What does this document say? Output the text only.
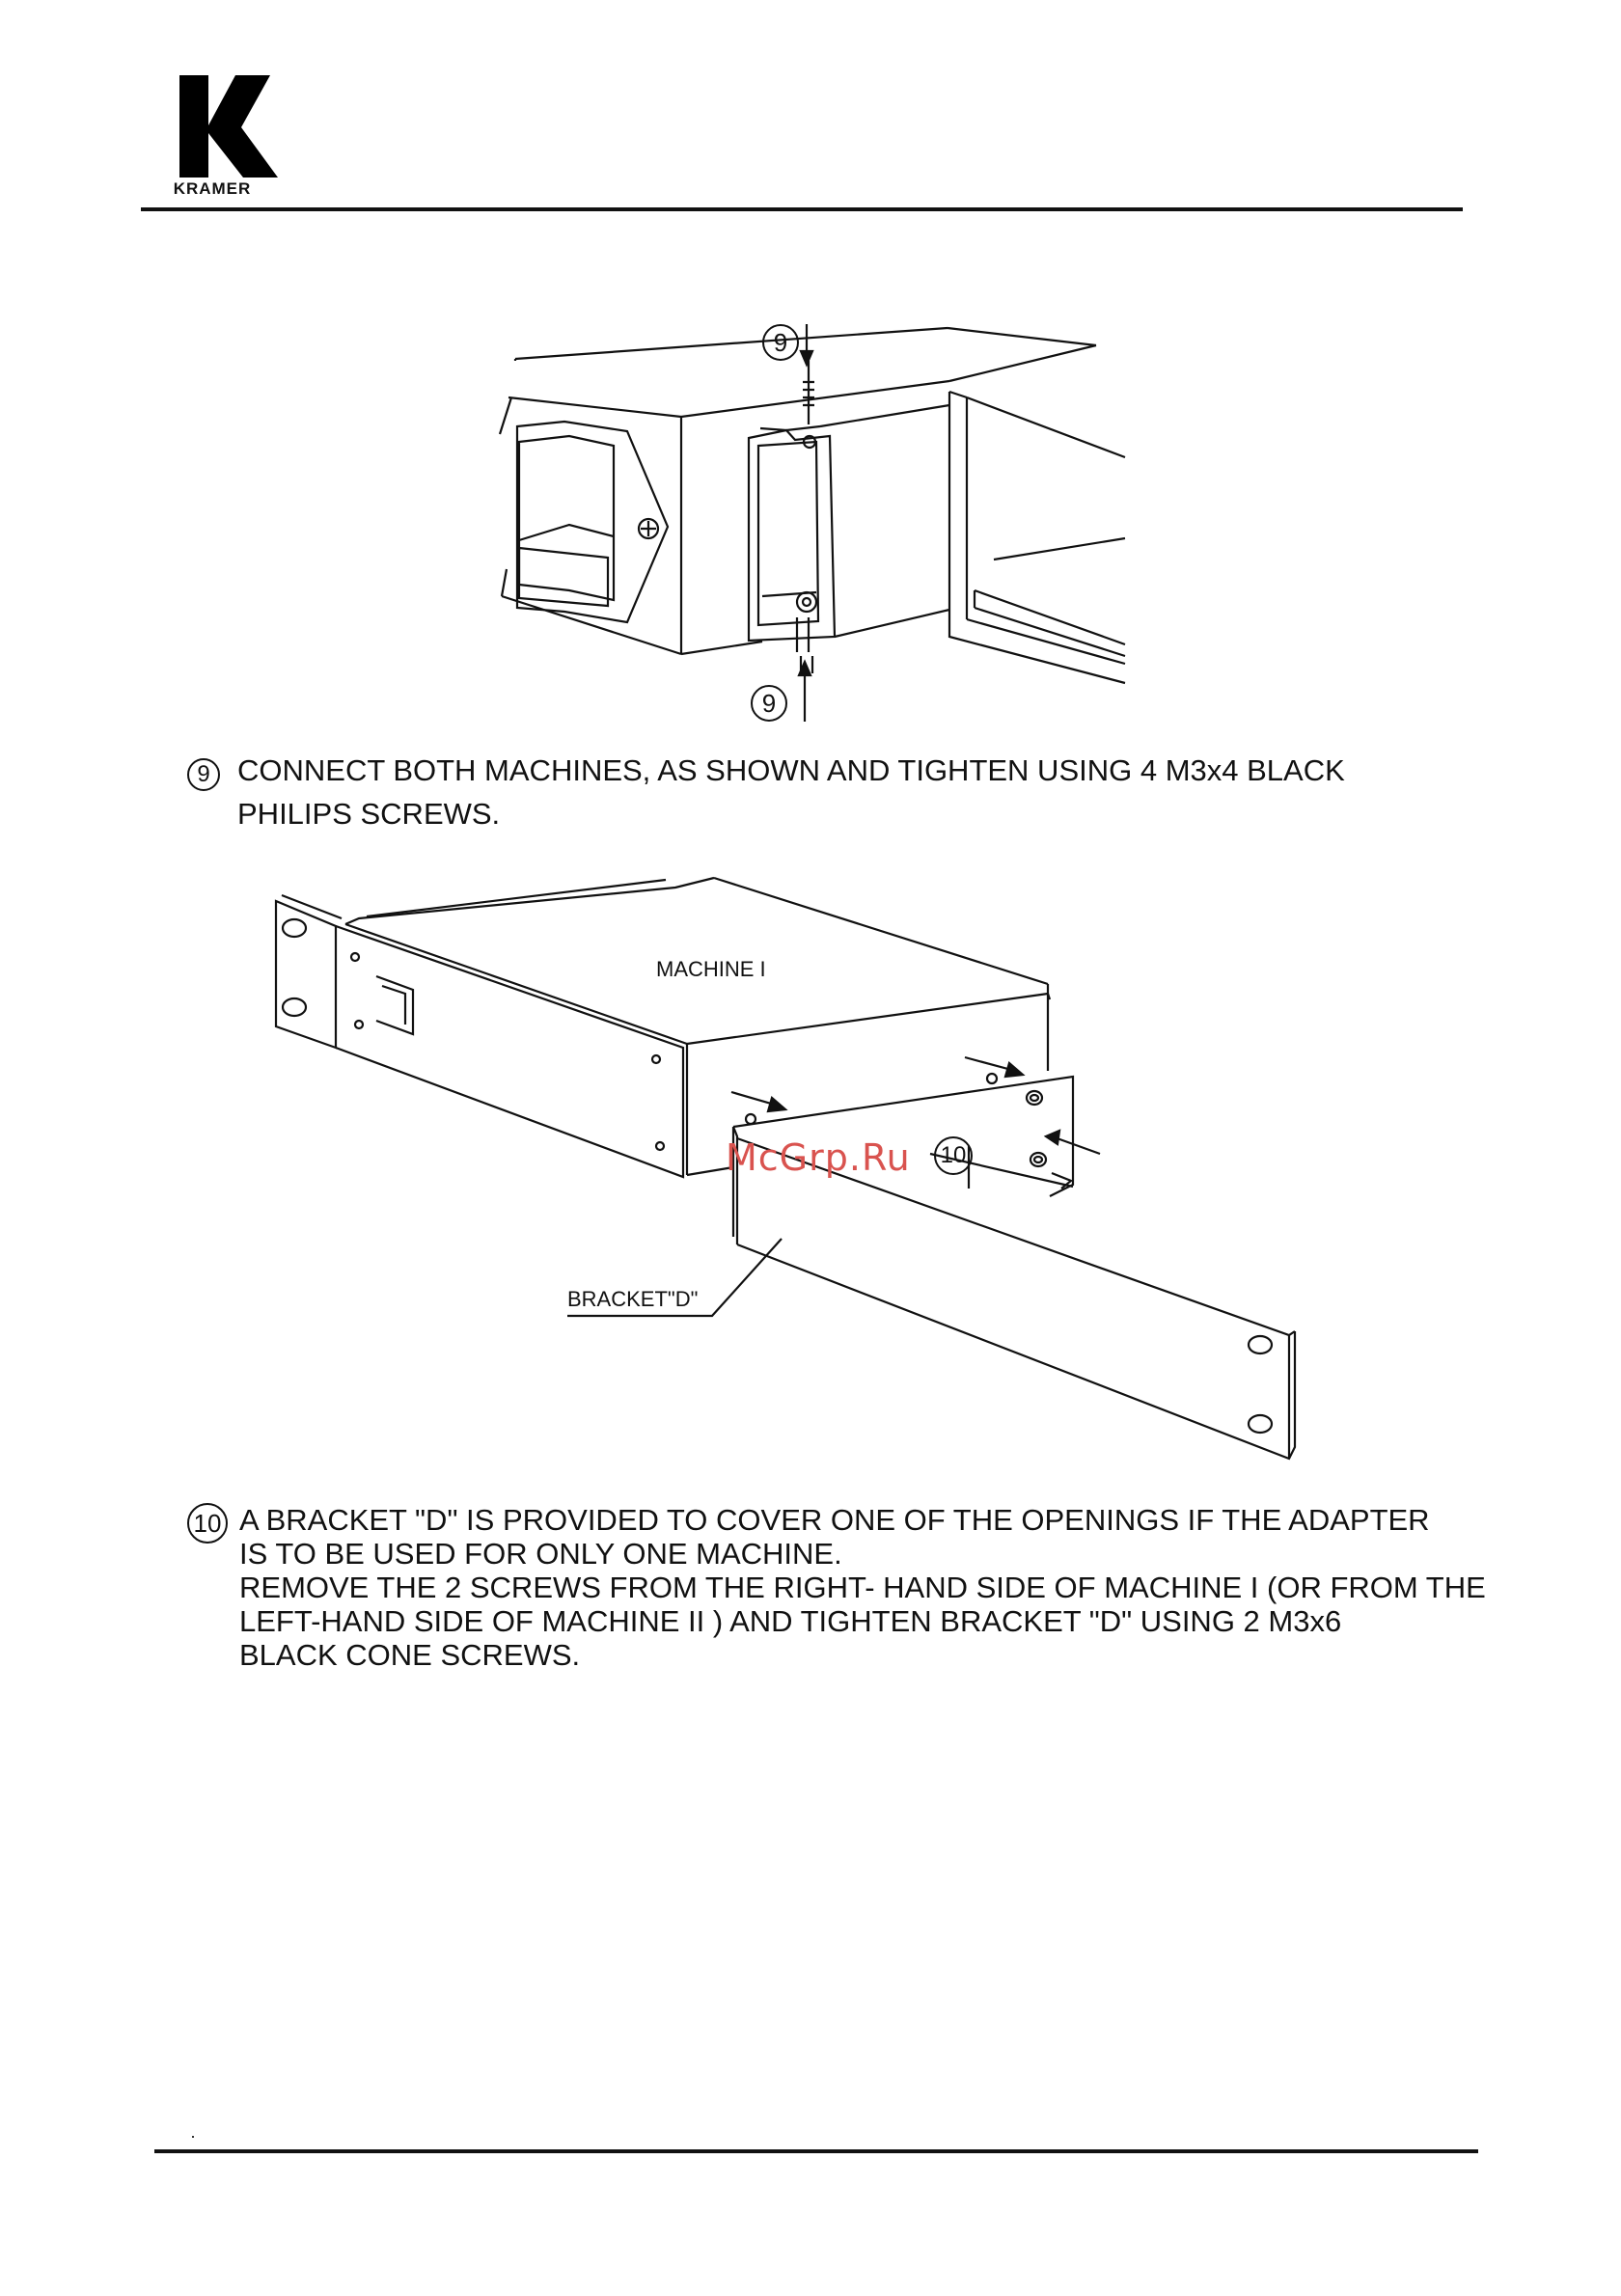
KRAMER
9
9
9 CONNECT BOTH MACHINES, AS SHOWN AND TIGHTEN USING 4 M3x4 BLACK
PHILIPS SCREWS.
MACHINE I
BRACKET"D"
10
McGrp.Ru
10 A BRACKET "D" IS PROVIDED TO COVER ONE OF THE OPENINGS IF THE ADAPTER
IS TO BE USED FOR ONLY ONE MACHINE.
REMOVE THE 2 SCREWS FROM THE RIGHT- HAND SIDE OF MACHINE I (OR FROM THE
LEFT-HAND SIDE OF MACHINE II ) AND TIGHTEN BRACKET "D" USING 2 M3x6
BLACK CONE SCREWS.
